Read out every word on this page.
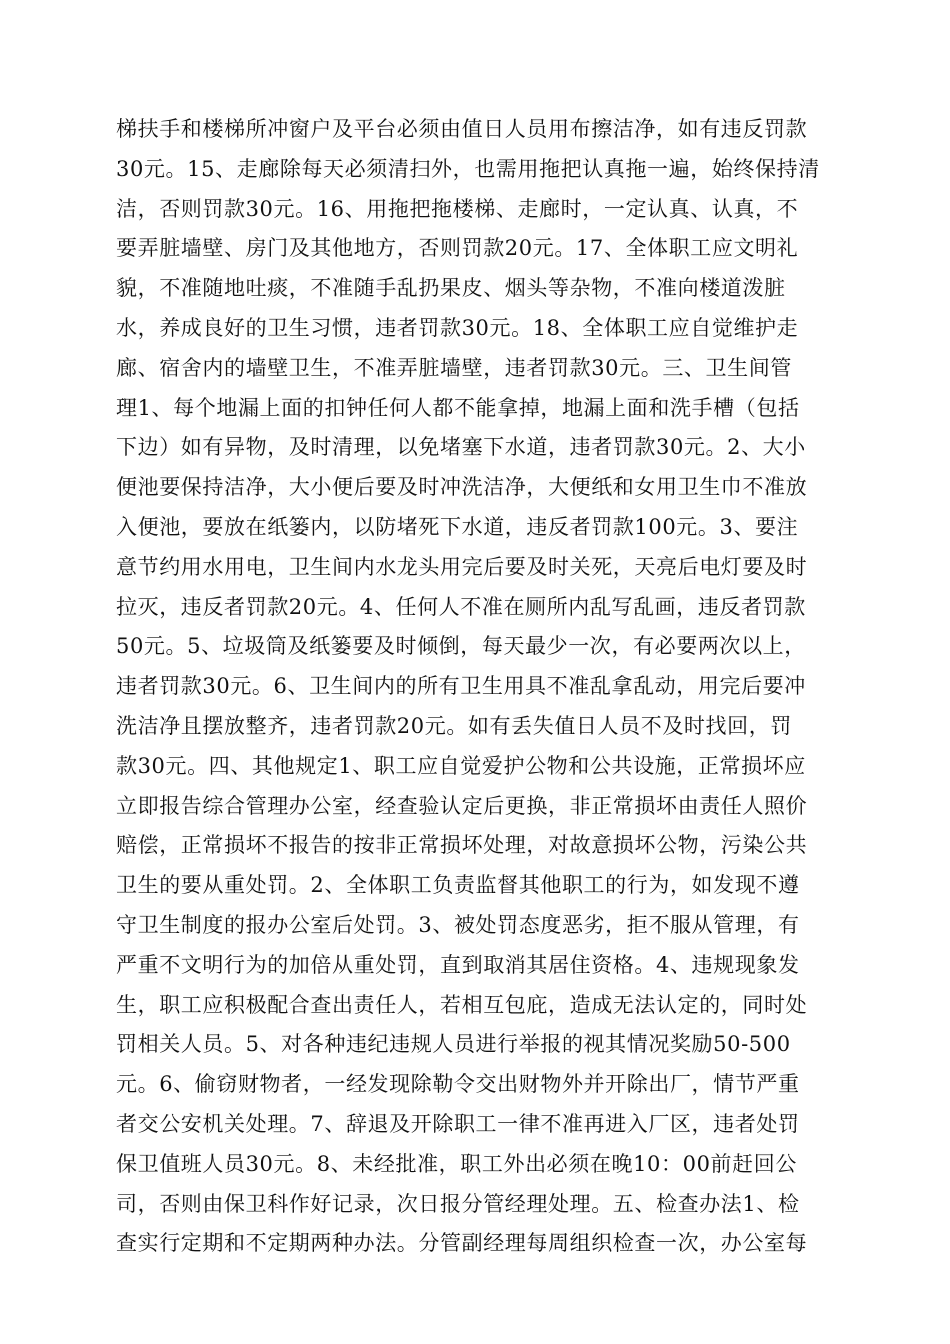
梯扶手和楼梯所冲窗户及平台必须由值日人员用布擦洁净，如有违反罚款
30元。15、走廊除每天必须清扫外，也需用拖把认真拖一遍，始终保持清
洁，否则罚款30元。16、用拖把拖楼梯、走廊时，一定认真、认真，不
要弄脏墙壁、房门及其他地方，否则罚款20元。17、全体职工应文明礼
貌，不准随地吐痰，不准随手乱扔果皮、烟头等杂物，不准向楼道泼脏
水，养成良好的卫生习惯，违者罚款30元。18、全体职工应自觉维护走
廊、宿舍内的墙壁卫生，不准弄脏墙壁，违者罚款30元。三、卫生间管
理1、每个地漏上面的扣钟任何人都不能拿掉，地漏上面和洗手槽（包括
下边）如有异物，及时清理，以免堵塞下水道，违者罚款30元。2、大小
便池要保持洁净，大小便后要及时冲洗洁净，大便纸和女用卫生巾不准放
入便池，要放在纸篓内，以防堵死下水道，违反者罚款100元。3、要注
意节约用水用电，卫生间内水龙头用完后要及时关死，天亮后电灯要及时
拉灭，违反者罚款20元。4、任何人不准在厕所内乱写乱画，违反者罚款
50元。5、垃圾筒及纸篓要及时倾倒，每天最少一次，有必要两次以上，
违者罚款30元。6、卫生间内的所有卫生用具不准乱拿乱动，用完后要冲
洗洁净且摆放整齐，违者罚款20元。如有丢失值日人员不及时找回，罚
款30元。四、其他规定1、职工应自觉爱护公物和公共设施，正常损坏应
立即报告综合管理办公室，经查验认定后更换，非正常损坏由责任人照价
赔偿，正常损坏不报告的按非正常损坏处理，对故意损坏公物，污染公共
卫生的要从重处罚。2、全体职工负责监督其他职工的行为，如发现不遵
守卫生制度的报办公室后处罚。3、被处罚态度恶劣，拒不服从管理，有
严重不文明行为的加倍从重处罚，直到取消其居住资格。4、违规现象发
生，职工应积极配合查出责任人，若相互包庇，造成无法认定的，同时处
罚相关人员。5、对各种违纪违规人员进行举报的视其情况奖励50-500
元。6、偷窃财物者，一经发现除勒令交出财物外并开除出厂，情节严重
者交公安机关处理。7、辞退及开除职工一律不准再进入厂区，违者处罚
保卫值班人员30元。8、未经批准，职工外出必须在晚10：00前赶回公
司，否则由保卫科作好记录，次日报分管经理处理。五、检查办法1、检
查实行定期和不定期两种办法。分管副经理每周组织检查一次，办公室每
